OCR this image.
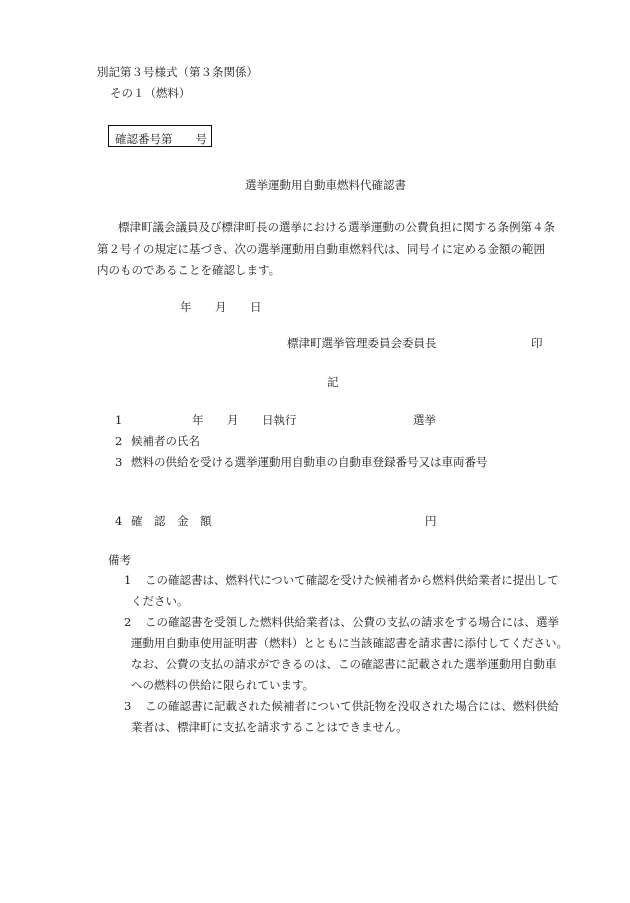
別記第３号様式（第３条関係）
その１（燃料）
確認番号第　　号
選挙運動用自動車燃料代確認書
標津町議会議員及び標津町長の選挙における選挙運動の公費負担に関する条例第４条
第２号イの規定に基づき、次の選挙運動用自動車燃料代は、同号イに定める金額の範囲
内のものであることを確認します。
年 月 日
標津町選挙管理委員会委員長	印
記
1	年 月 日執行	選挙
2 候補者の氏名
3 燃料の供給を受ける選挙運動用自動車の自動車登録番号又は車両番号
4 確　認　金　額	円
備考
1 この確認書は、燃料代について確認を受けた候補者から燃料供給業者に提出して
ください。
2 この確認書を受領した燃料供給業者は、公費の支払の請求をする場合には、選挙
運動用自動車使用証明書（燃料）とともに当該確認書を請求書に添付してください。
なお、公費の支払の請求ができるのは、この確認書に記載された選挙運動用自動車
への燃料の供給に限られています。
3 この確認書に記載された候補者について供託物を没収された場合には、燃料供給
業者は、標津町に支払を請求することはできません。
